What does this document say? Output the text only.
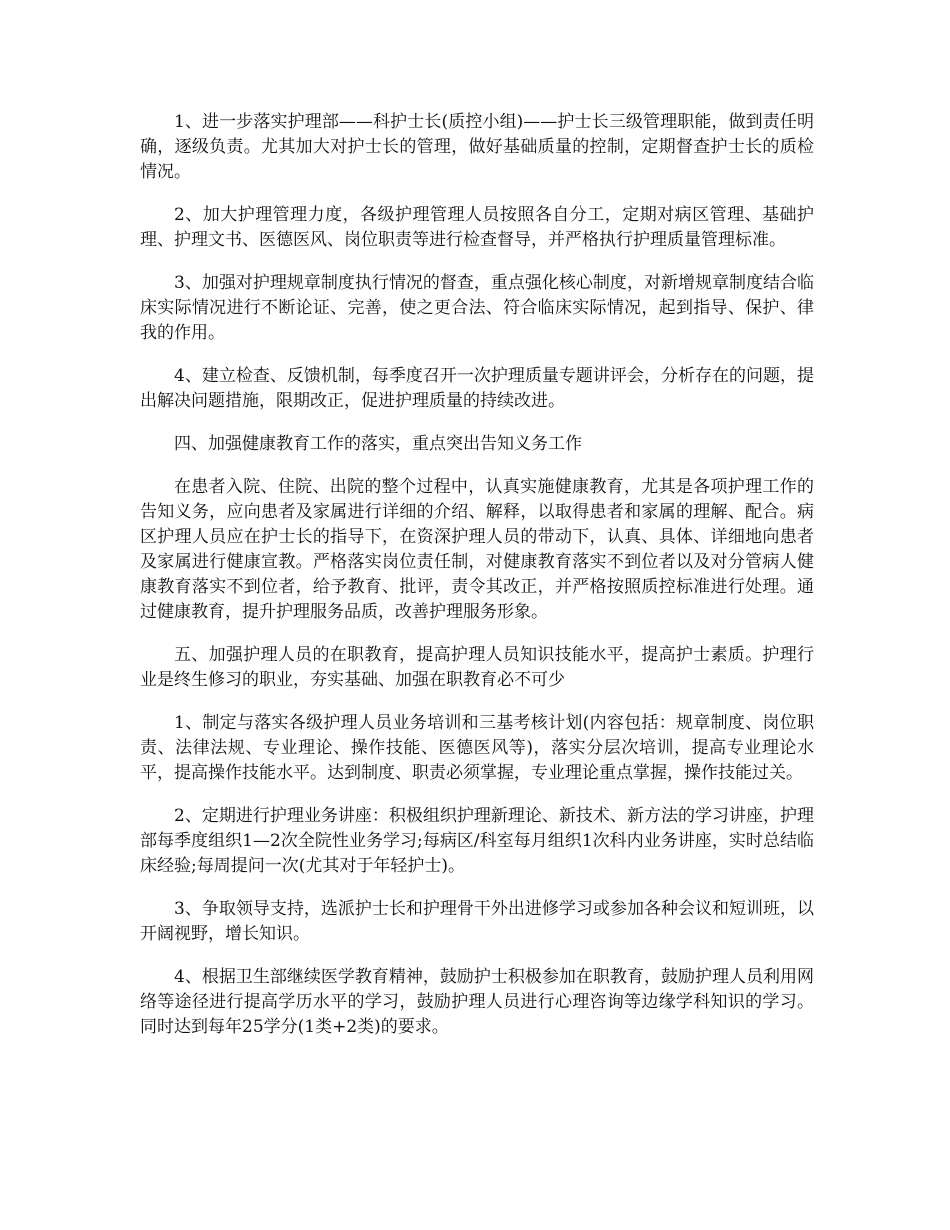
1、进一步落实护理部——科护士长(质控小组)——护士长三级管理职能，做到责任明确，逐级负责。尤其加大对护士长的管理，做好基础质量的控制，定期督查护士长的质检情况。

2、加大护理管理力度，各级护理管理人员按照各自分工，定期对病区管理、基础护理、护理文书、医德医风、岗位职责等进行检查督导，并严格执行护理质量管理标准。

3、加强对护理规章制度执行情况的督查，重点强化核心制度，对新增规章制度结合临床实际情况进行不断论证、完善，使之更合法、符合临床实际情况，起到指导、保护、律我的作用。

4、建立检查、反馈机制，每季度召开一次护理质量专题讲评会，分析存在的问题，提出解决问题措施，限期改正，促进护理质量的持续改进。

四、加强健康教育工作的落实，重点突出告知义务工作

在患者入院、住院、出院的整个过程中，认真实施健康教育，尤其是各项护理工作的告知义务，应向患者及家属进行详细的介绍、解释，以取得患者和家属的理解、配合。病区护理人员应在护士长的指导下，在资深护理人员的带动下，认真、具体、详细地向患者及家属进行健康宣教。严格落实岗位责任制，对健康教育落实不到位者以及对分管病人健康教育落实不到位者，给予教育、批评，责令其改正，并严格按照质控标准进行处理。通过健康教育，提升护理服务品质，改善护理服务形象。

五、加强护理人员的在职教育，提高护理人员知识技能水平，提高护士素质。护理行业是终生修习的职业，夯实基础、加强在职教育必不可少

1、制定与落实各级护理人员业务培训和三基考核计划(内容包括：规章制度、岗位职责、法律法规、专业理论、操作技能、医德医风等)，落实分层次培训，提高专业理论水平，提高操作技能水平。达到制度、职责必须掌握，专业理论重点掌握，操作技能过关。

2、定期进行护理业务讲座：积极组织护理新理论、新技术、新方法的学习讲座，护理部每季度组织1—2次全院性业务学习;每病区/科室每月组织1次科内业务讲座，实时总结临床经验;每周提问一次(尤其对于年轻护士)。

3、争取领导支持，选派护士长和护理骨干外出进修学习或参加各种会议和短训班，以开阔视野，增长知识。

4、根据卫生部继续医学教育精神，鼓励护士积极参加在职教育，鼓励护理人员利用网络等途径进行提高学历水平的学习，鼓励护理人员进行心理咨询等边缘学科知识的学习。同时达到每年25学分(1类+2类)的要求。
